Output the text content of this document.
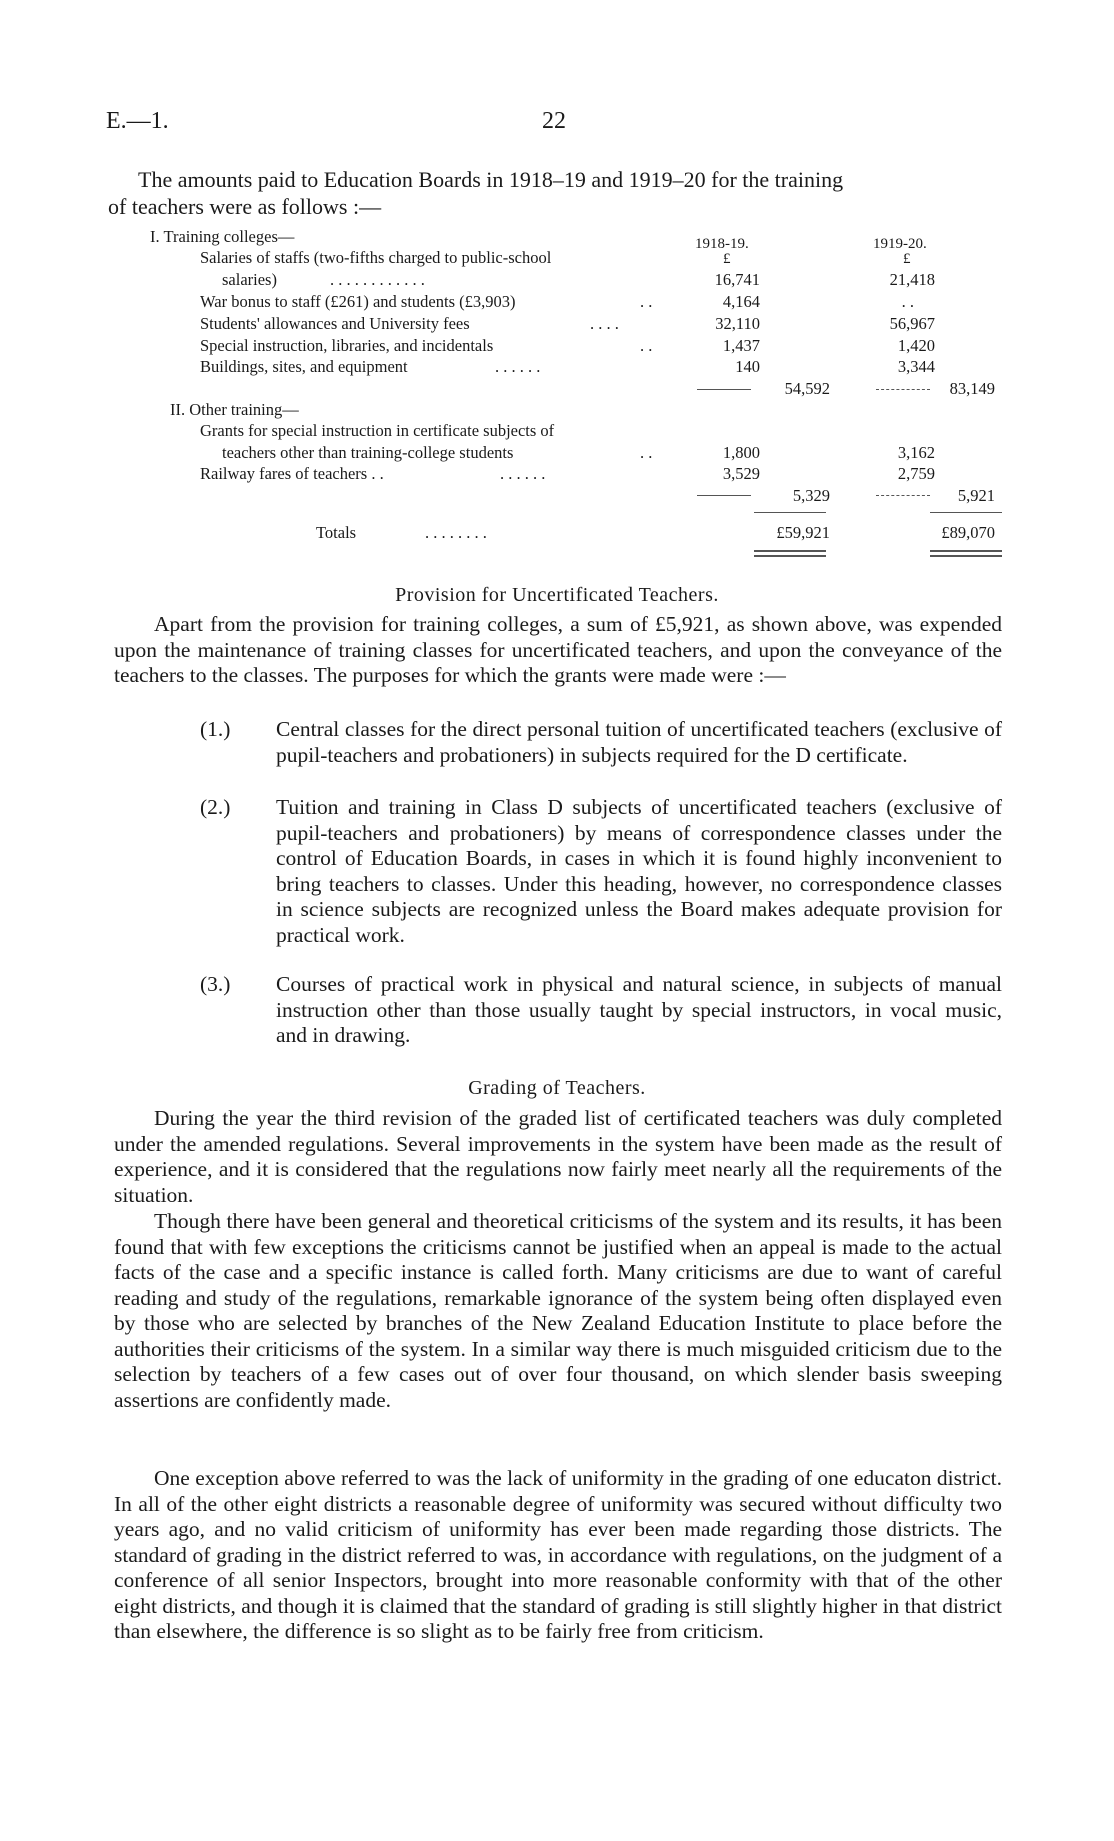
E.—1.	22
The amounts paid to Education Boards in 1918–19 and 1919–20 for the training
of teachers were as follows :—
1918-19.	1919-20.
£	£
I. Training colleges—
Salaries of staffs (two-fifths charged to public-school
salaries)	. . . . . . . . . . . .	16,741	21,418
War bonus to staff (£261) and students (£3,903)	. .	4,164	. .
Students' allowances and University fees	. . . .	32,110	56,967
Special instruction, libraries, and incidentals	. .	1,437	1,420
Buildings, sites, and equipment	. . . . . .	140	3,344
54,592	83,149
II. Other training—
Grants for special instruction in certificate subjects of
teachers other than training-college students	. .	1,800	3,162
Railway fares of teachers . .	. . . . . .	3,529	2,759
5,329	5,921
Totals	. . . . . . . .	£59,921	£89,070
Provision for Uncertificated Teachers.
Apart from the provision for training colleges, a sum of £5,921, as shown above, was expended upon the maintenance of training classes for uncertificated teachers, and upon the conveyance of the teachers to the classes. The purposes for which the grants were made were :—
(1.) Central classes for the direct personal tuition of uncertificated teachers (exclusive of pupil-teachers and probationers) in subjects required for the D certificate.
(2.) Tuition and training in Class D subjects of uncertificated teachers (exclusive of pupil-teachers and probationers) by means of correspondence classes under the control of Education Boards, in cases in which it is found highly inconvenient to bring teachers to classes. Under this heading, however, no correspondence classes in science subjects are recognized unless the Board makes adequate provision for practical work.
(3.) Courses of practical work in physical and natural science, in subjects of manual instruction other than those usually taught by special instructors, in vocal music, and in drawing.
Grading of Teachers.
During the year the third revision of the graded list of certificated teachers was duly completed under the amended regulations. Several improvements in the system have been made as the result of experience, and it is considered that the regulations now fairly meet nearly all the requirements of the situation.
Though there have been general and theoretical criticisms of the system and its results, it has been found that with few exceptions the criticisms cannot be justified when an appeal is made to the actual facts of the case and a specific instance is called forth. Many criticisms are due to want of careful reading and study of the regulations, remarkable ignorance of the system being often displayed even by those who are selected by branches of the New Zealand Education Institute to place before the authorities their criticisms of the system. In a similar way there is much misguided criticism due to the selection by teachers of a few cases out of over four thousand, on which slender basis sweeping assertions are confidently made.
One exception above referred to was the lack of uniformity in the grading of one educaton district. In all of the other eight districts a reasonable degree of uniformity was secured without difficulty two years ago, and no valid criticism of uniformity has ever been made regarding those districts. The standard of grading in the district referred to was, in accordance with regulations, on the judgment of a conference of all senior Inspectors, brought into more reasonable conformity with that of the other eight districts, and though it is claimed that the standard of grading is still slightly higher in that district than elsewhere, the difference is so slight as to be fairly free from criticism.
